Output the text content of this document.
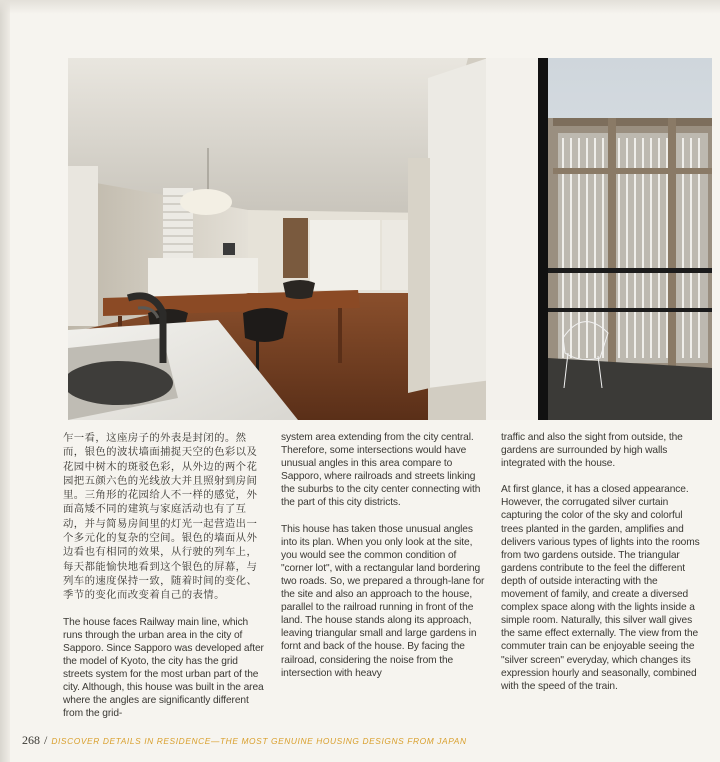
乍一看，这座房子的外表是封闭的。然而，银色的波状墙面捕捉天空的色彩以及花园中树木的斑驳色彩，从外边的两个花园把五颜六色的光线放大并且照射到房间里。三角形的花园给人不一样的感觉，外面高矮不同的建筑与家庭活动也有了互动，并与简易房间里的灯光一起营造出一个多元化的复杂的空间。银色的墙面从外边看也有相同的效果，从行驶的列车上，每天都能愉快地看到这个银色的屏幕，与列车的速度保持一致，随着时间的变化、季节的变化而改变着自己的表情。

The house faces Railway main line, which runs through the urban area in the city of Sapporo. Since Sapporo was developed after the model of Kyoto, the city has the grid streets system for the most urban part of the city. Although, this house was built in the area where the angles are significantly different from the grid-

system area extending from the city central. Therefore, some intersections would have unusual angles in this area compare to Sapporo, where railroads and streets linking the suburbs to the city center connecting with the part of this city districts.

This house has taken those unusual angles into its plan. When you only look at the site, you would see the common condition of "corner lot", with a rectangular land bordering two roads. So, we prepared a through-lane for the site and also an approach to the house, parallel to the railroad running in front of the land. The house stands along its approach, leaving triangular small and large gardens in fornt and back of the house. By facing the railroad, considering the noise from the intersection with heavy

traffic and also the sight from outside, the gardens are surrounded by high walls integrated with the house.

At first glance, it has a closed appearance. However, the corrugated silver curtain capturing the color of the sky and colorful trees planted in the garden, amplifies and delivers various types of lights into the rooms from two gardens outside. The triangular gardens contribute to the feel the different depth of outside interacting with the movement of family, and create a diversed complex space along with the lights inside a simple room. Naturally, this silver wall gives the same effect externally. The view from the commuter train can be enjoyable seeing the "silver screen" everyday, which changes its expression hourly and seasonally, combined with the speed of the train.

268 / DISCOVER DETAILS IN RESIDENCE—THE MOST GENUINE HOUSING DESIGNS FROM JAPAN
